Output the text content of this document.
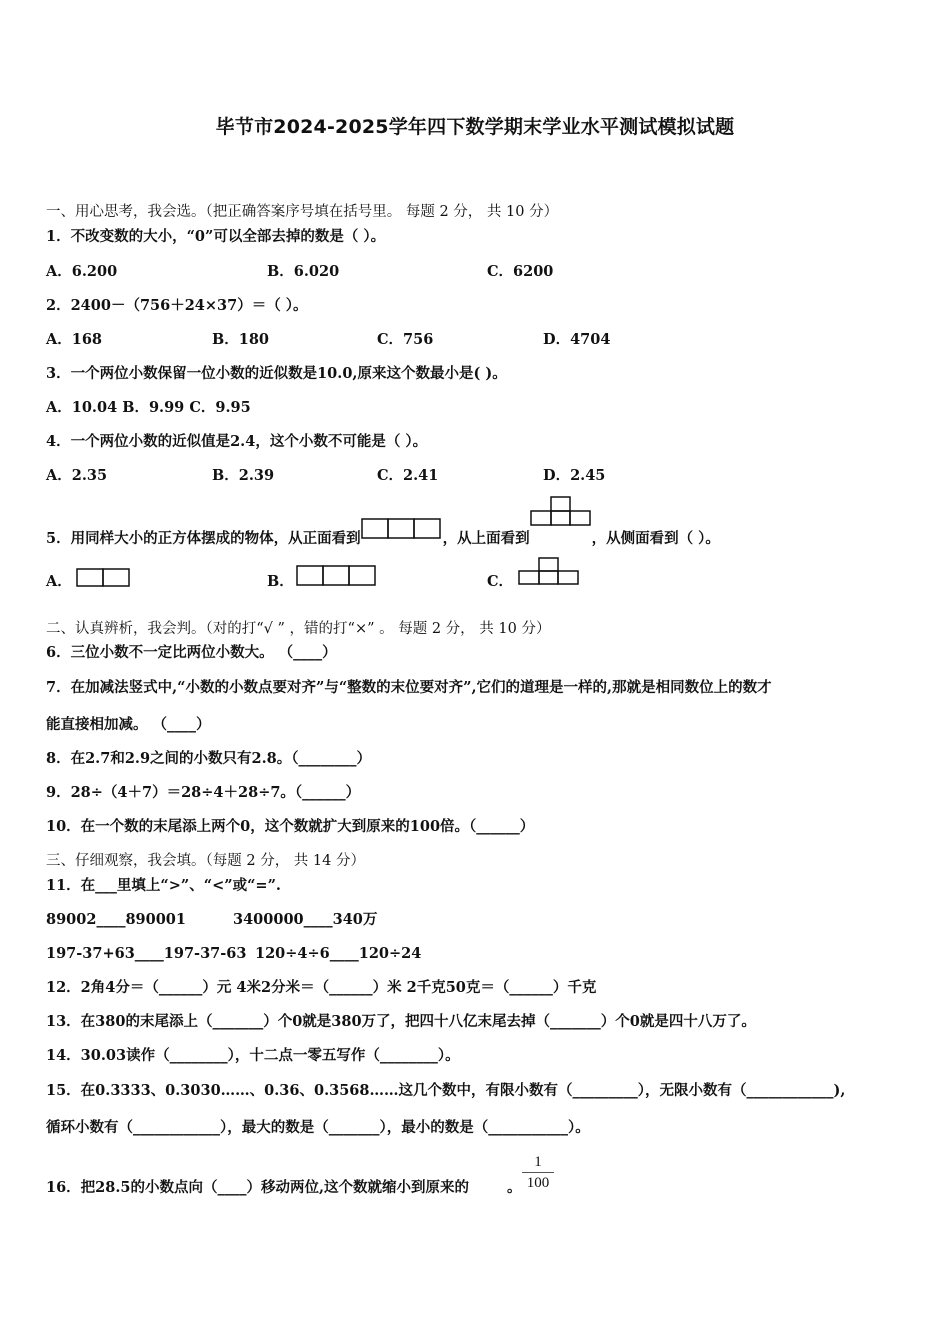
毕节市2024-2025学年四下数学期末学业水平测试模拟试题
一、用心思考，我会选。（把正确答案序号填在括号里。 每题 2 分， 共 10 分）
1．不改变数的大小，“0”可以全部去掉的数是（ ）。
A．6.200	B．6.020	C．6200
2．2400－（756＋24×37）＝（ ）。
A．168	B．180	C．756	D．4704
3．一个两位小数保留一位小数的近似数是10.0,原来这个数最小是( )。
A．10.04 B．9.99 C．9.95
4．一个两位小数的近似值是2.4，这个小数不可能是（ ）。
A．2.35	B．2.39	C．2.41	D．2.45
5．用同样大小的正方体摆成的物体，从正面看到	，从上面看到	，从侧面看到（ ）。
A．	B．	C．
二、认真辨析，我会判。（对的打“√ ” ，错的打“×” 。 每题 2 分， 共 10 分）
6．三位小数不一定比两位小数大。 （____）
7．在加减法竖式中,“小数的小数点要对齐”与“整数的末位要对齐”,它们的道理是一样的,那就是相同数位上的数才
能直接相加减。 （____）
8．在2.7和2.9之间的小数只有2.8。（________）
9．28÷（4＋7）＝28÷4＋28÷7。（______）
10．在一个数的末尾添上两个0，这个数就扩大到原来的100倍。（______）
三、仔细观察，我会填。（每题 2 分， 共 14 分）
11．在___里填上“>”、“<”或“=”.
89002____890001	3400000____340万
197-37+63____197-37-63 120÷4÷6____120÷24
12．2角4分＝（______）元 4米2分米＝（______）米 2千克50克＝（______）千克
13．在380的末尾添上（_______）个0就是380万了，把四十八亿末尾去掉（_______）个0就是四十八万了。
14．30.03读作（________），十二点一零五写作（________）。
15．在0.3333、0.3030……、0.36、0.3568……这几个数中，有限小数有（_________），无限小数有（____________),
循环小数有（____________），最大的数是（_______），最小的数是（___________）。
16．把28.5的小数点向（____）移动两位,这个数就缩小到原来的	。
1
100
